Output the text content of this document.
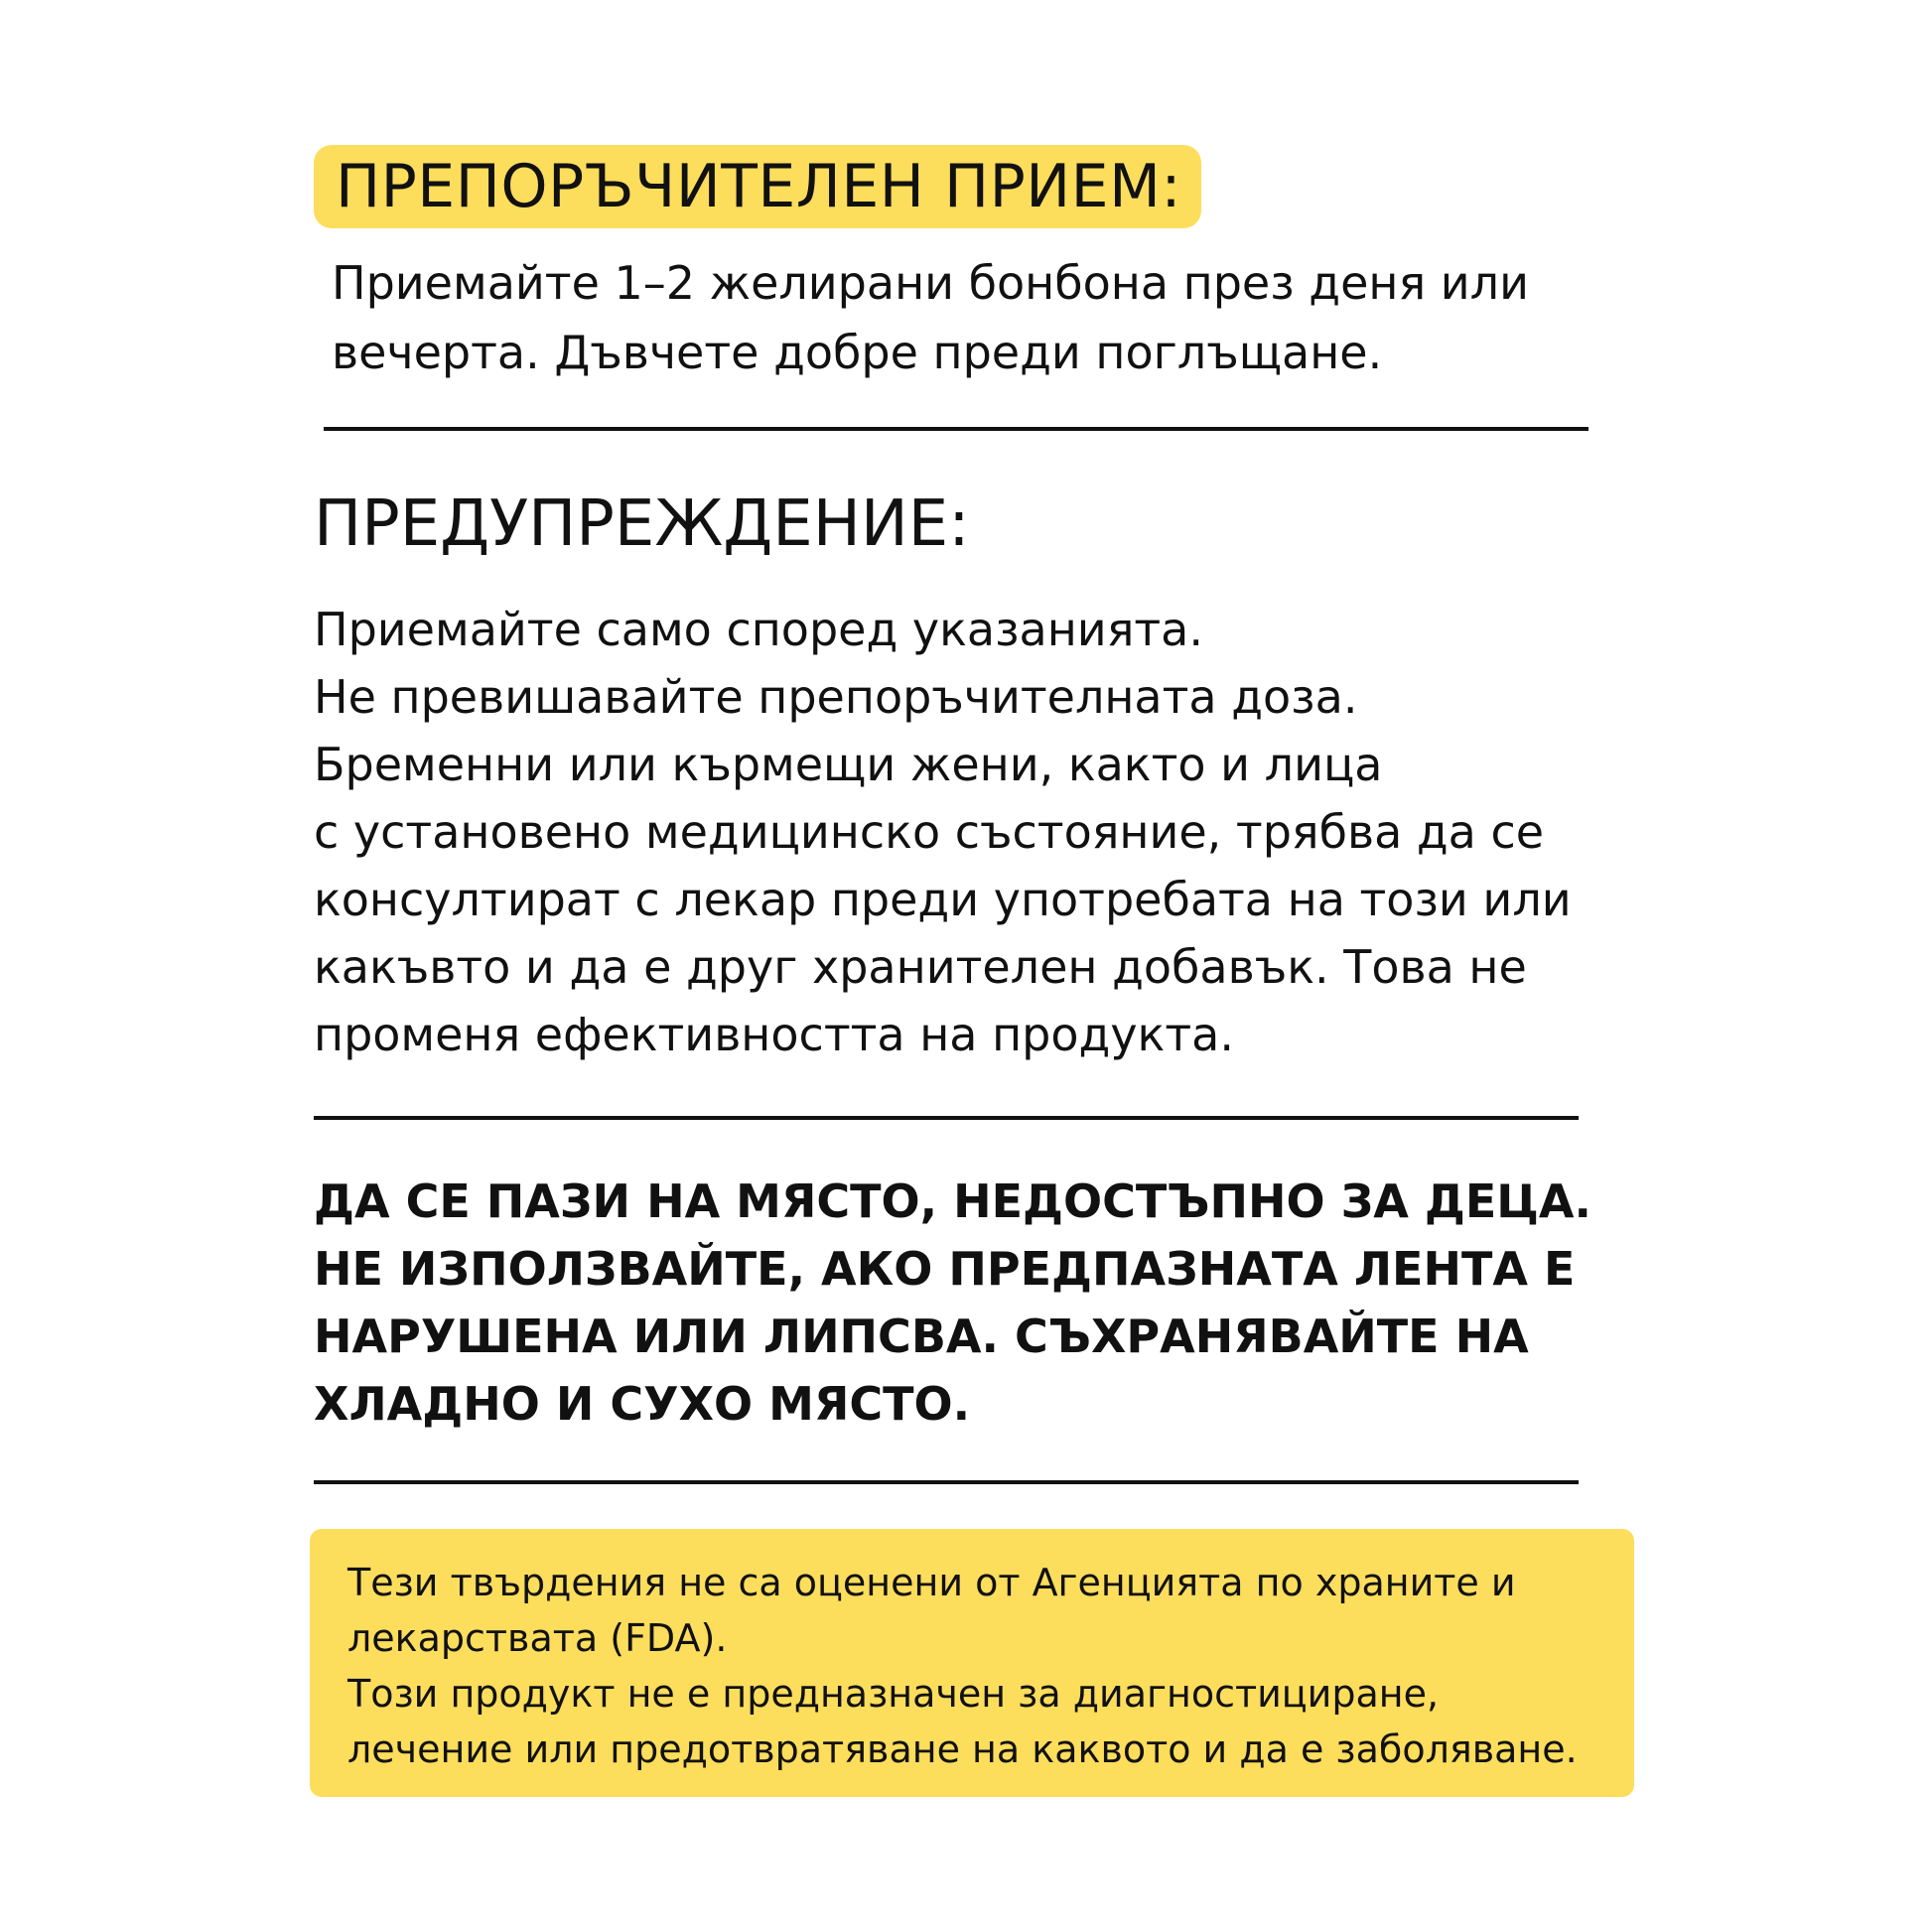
ПРЕПОРЪЧИТЕЛЕН ПРИЕМ:
Приемайте 1–2 желирани бонбона през деня или
вечерта. Дъвчете добре преди поглъщане.
ПРЕДУПРЕЖДЕНИЕ:
Приемайте само според указанията.
Не превишавайте препоръчителната доза.
Бременни или кърмещи жени, както и лица
с установено медицинско състояние, трябва да се
консултират с лекар преди употребата на този или
какъвто и да е друг хранителен добавък. Това не
променя ефективността на продукта.
ДА СЕ ПАЗИ НА МЯСТО, НЕДОСТЪПНО ЗА ДЕЦА.
НЕ ИЗПОЛЗВАЙТЕ, АКО ПРЕДПАЗНАТА ЛЕНТА Е
НАРУШЕНА ИЛИ ЛИПСВА. СЪХРАНЯВАЙТЕ НА
ХЛАДНО И СУХО МЯСТО.
Тези твърдения не са оценени от Агенцията по храните и
лекарствата (FDA).
Този продукт не е предназначен за диагностициране,
лечение или предотвратяване на каквото и да е заболяване.
